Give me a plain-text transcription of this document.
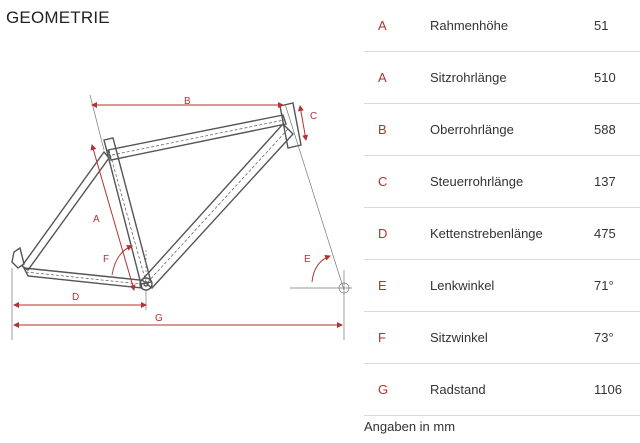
GEOMETRIE
B
C
A
F	E
D
G
A	Rahmenhöhe	51
A	Sitzrohrlänge	510
B	Oberrohrlänge	588
C	Steuerrohrlänge	137
D	Kettenstrebenlänge	475
E	Lenkwinkel	71°
F	Sitzwinkel	73°
G	Radstand	1106
Angaben in mm
